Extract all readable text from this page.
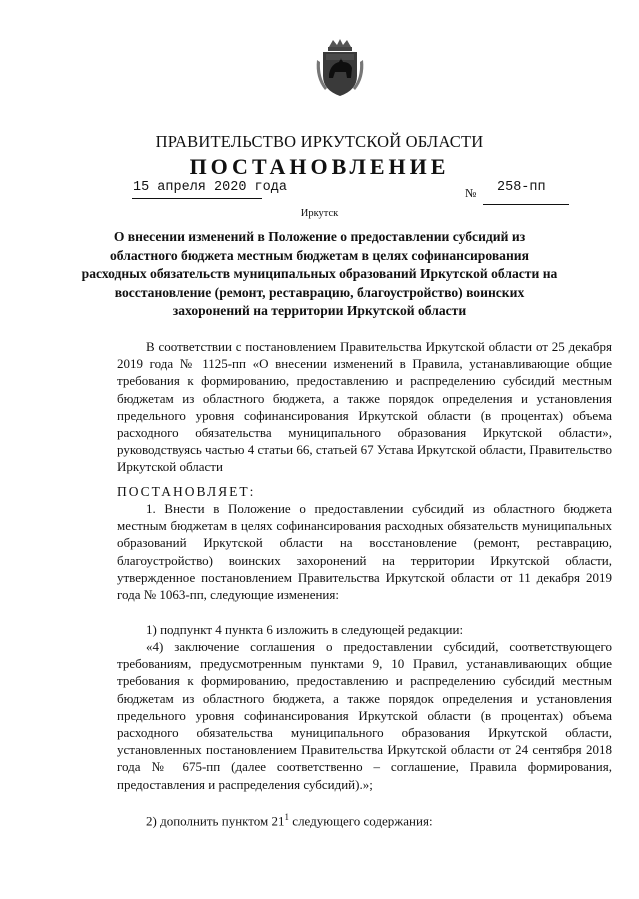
ПРАВИТЕЛЬСТВО ИРКУТСКОЙ ОБЛАСТИ
ПОСТАНОВЛЕНИЕ
15 апреля 2020 года	№ 258-пп
Иркутск
О внесении изменений в Положение о предоставлении субсидий из областного бюджета местным бюджетам в целях софинансирования расходных обязательств муниципальных образований Иркутской области на восстановление (ремонт, реставрацию, благоустройство) воинских захоронений на территории Иркутской области
В соответствии с постановлением Правительства Иркутской области от 25 декабря 2019 года № 1125-пп «О внесении изменений в Правила, устанавливающие общие требования к формированию, предоставлению и распределению субсидий местным бюджетам из областного бюджета, а также порядок определения и установления предельного уровня софинансирования Иркутской области (в процентах) объема расходного обязательства муниципального образования Иркутской области», руководствуясь частью 4 статьи 66, статьей 67 Устава Иркутской области, Правительство Иркутской области
ПОСТАНОВЛЯЕТ:
1. Внести в Положение о предоставлении субсидий из областного бюджета местным бюджетам в целях софинансирования расходных обязательств муниципальных образований Иркутской области на восстановление (ремонт, реставрацию, благоустройство) воинских захоронений на территории Иркутской области, утвержденное постановлением Правительства Иркутской области от 11 декабря 2019 года № 1063-пп, следующие изменения:
1) подпункт 4 пункта 6 изложить в следующей редакции:
«4) заключение соглашения о предоставлении субсидий, соответствующего требованиям, предусмотренным пунктами 9, 10 Правил, устанавливающих общие требования к формированию, предоставлению и распределению субсидий местным бюджетам из областного бюджета, а также порядок определения и установления предельного уровня софинансирования Иркутской области (в процентах) объема расходного обязательства муниципального образования Иркутской области, установленных постановлением Правительства Иркутской области от 24 сентября 2018 года № 675-пп (далее соответственно – соглашение, Правила формирования, предоставления и распределения субсидий).»;
2) дополнить пунктом $21^1$ следующего содержания:
